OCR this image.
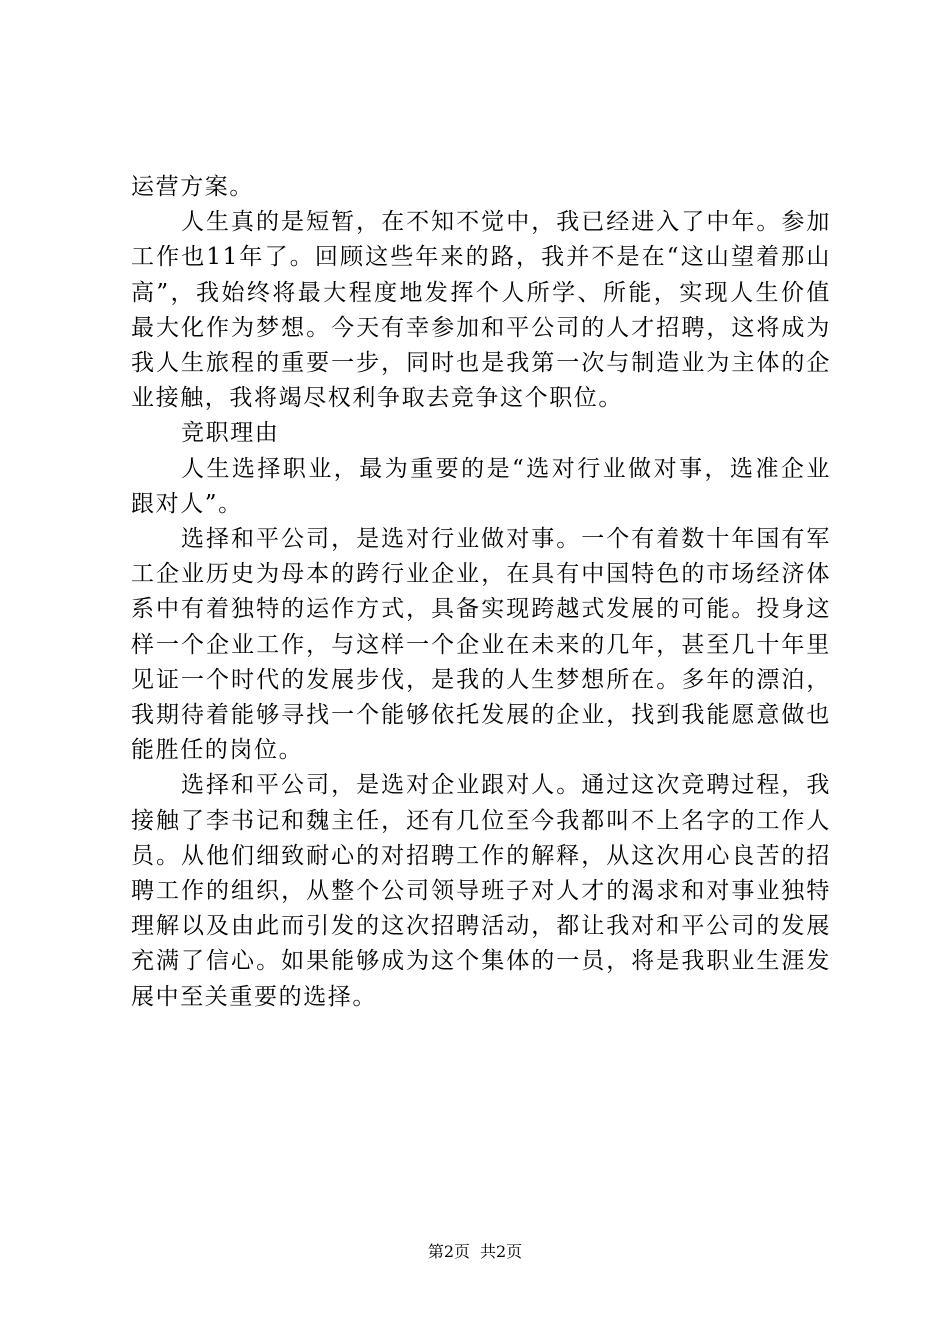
运营方案。

人生真的是短暂，在不知不觉中，我已经进入了中年。参加工作也11年了。回顾这些年来的路，我并不是在“这山望着那山高”，我始终将最大程度地发挥个人所学、所能，实现人生价值最大化作为梦想。今天有幸参加和平公司的人才招聘，这将成为我人生旅程的重要一步，同时也是我第一次与制造业为主体的企业接触，我将竭尽权利争取去竞争这个职位。

竞职理由

人生选择职业，最为重要的是“选对行业做对事，选准企业跟对人”。

选择和平公司，是选对行业做对事。一个有着数十年国有军工企业历史为母本的跨行业企业，在具有中国特色的市场经济体系中有着独特的运作方式，具备实现跨越式发展的可能。投身这样一个企业工作，与这样一个企业在未来的几年，甚至几十年里见证一个时代的发展步伐，是我的人生梦想所在。多年的漂泊，我期待着能够寻找一个能够依托发展的企业，找到我能愿意做也能胜任的岗位。

选择和平公司，是选对企业跟对人。通过这次竞聘过程，我接触了李书记和魏主任，还有几位至今我都叫不上名字的工作人员。从他们细致耐心的对招聘工作的解释，从这次用心良苦的招聘工作的组织，从整个公司领导班子对人才的渴求和对事业独特理解以及由此而引发的这次招聘活动，都让我对和平公司的发展充满了信心。如果能够成为这个集体的一员，将是我职业生涯发展中至关重要的选择。

第2页 共2页
